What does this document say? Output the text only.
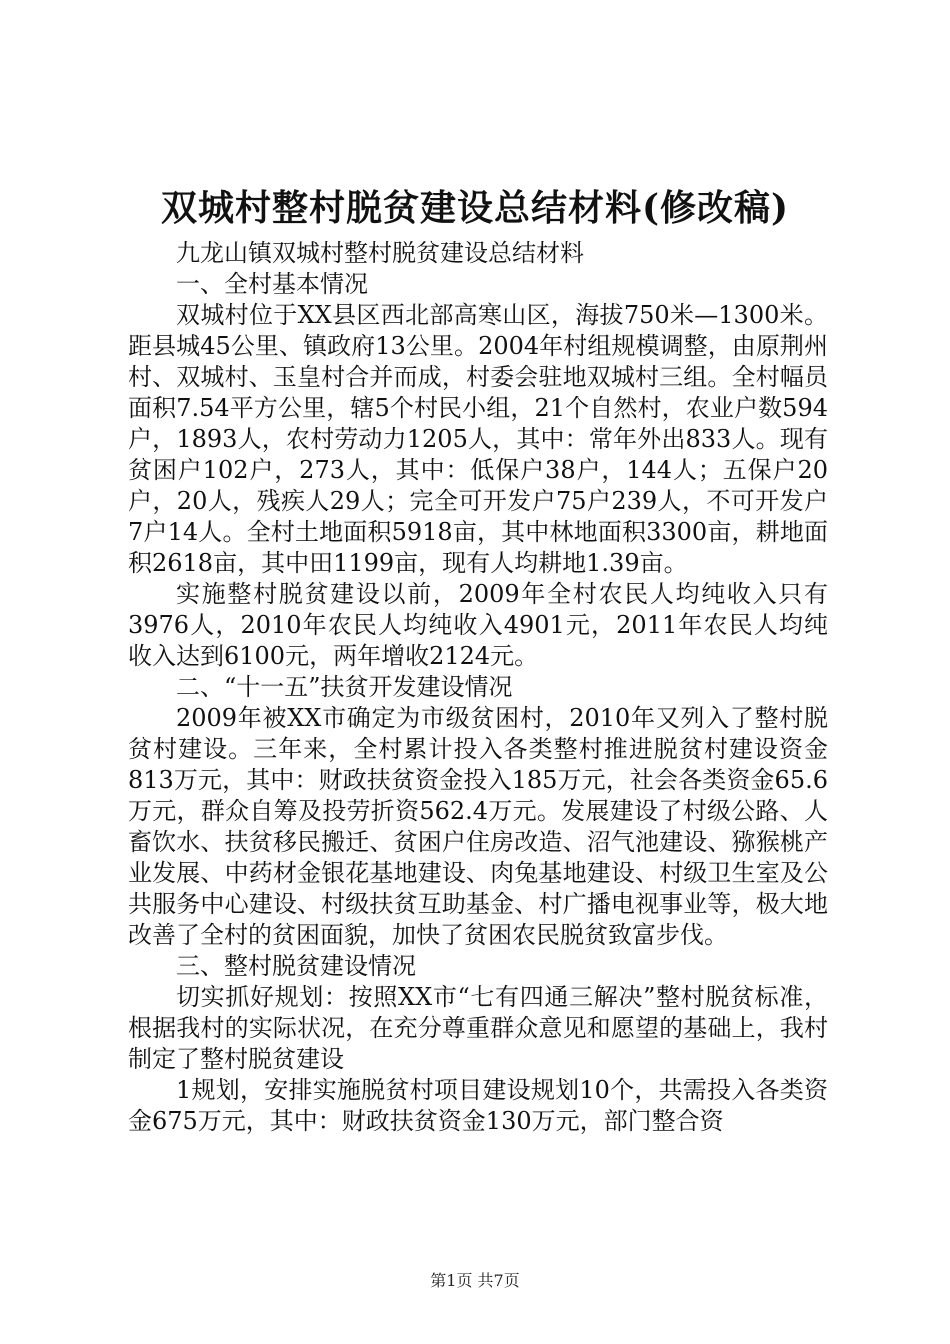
双城村整村脱贫建设总结材料(修改稿)

九龙山镇双城村整村脱贫建设总结材料

一、全村基本情况

双城村位于XX县区西北部高寒山区，海拔750米—1300米。距县城45公里、镇政府13公里。2004年村组规模调整，由原荆州村、双城村、玉皇村合并而成，村委会驻地双城村三组。全村幅员面积7.54平方公里，辖5个村民小组，21个自然村，农业户数594户，1893人，农村劳动力1205人，其中：常年外出833人。现有贫困户102户，273人，其中：低保户38户，144人；五保户20户，20人，残疾人29人；完全可开发户75户239人，不可开发户7户14人。全村土地面积5918亩，其中林地面积3300亩，耕地面积2618亩，其中田1199亩，现有人均耕地1.39亩。

实施整村脱贫建设以前，2009年全村农民人均纯收入只有3976人，2010年农民人均纯收入4901元，2011年农民人均纯收入达到6100元，两年增收2124元。

二、“十一五”扶贫开发建设情况

2009年被XX市确定为市级贫困村，2010年又列入了整村脱贫村建设。三年来，全村累计投入各类整村推进脱贫村建设资金813万元，其中：财政扶贫资金投入185万元，社会各类资金65.6万元，群众自筹及投劳折资562.4万元。发展建设了村级公路、人畜饮水、扶贫移民搬迁、贫困户住房改造、沼气池建设、猕猴桃产业发展、中药材金银花基地建设、肉兔基地建设、村级卫生室及公共服务中心建设、村级扶贫互助基金、村广播电视事业等，极大地改善了全村的贫困面貌，加快了贫困农民脱贫致富步伐。

三、整村脱贫建设情况

切实抓好规划：按照XX市“七有四通三解决”整村脱贫标准，根据我村的实际状况，在充分尊重群众意见和愿望的基础上，我村制定了整村脱贫建设

1规划，安排实施脱贫村项目建设规划10个，共需投入各类资金675万元，其中：财政扶贫资金130万元，部门整合资

第1页 共7页
